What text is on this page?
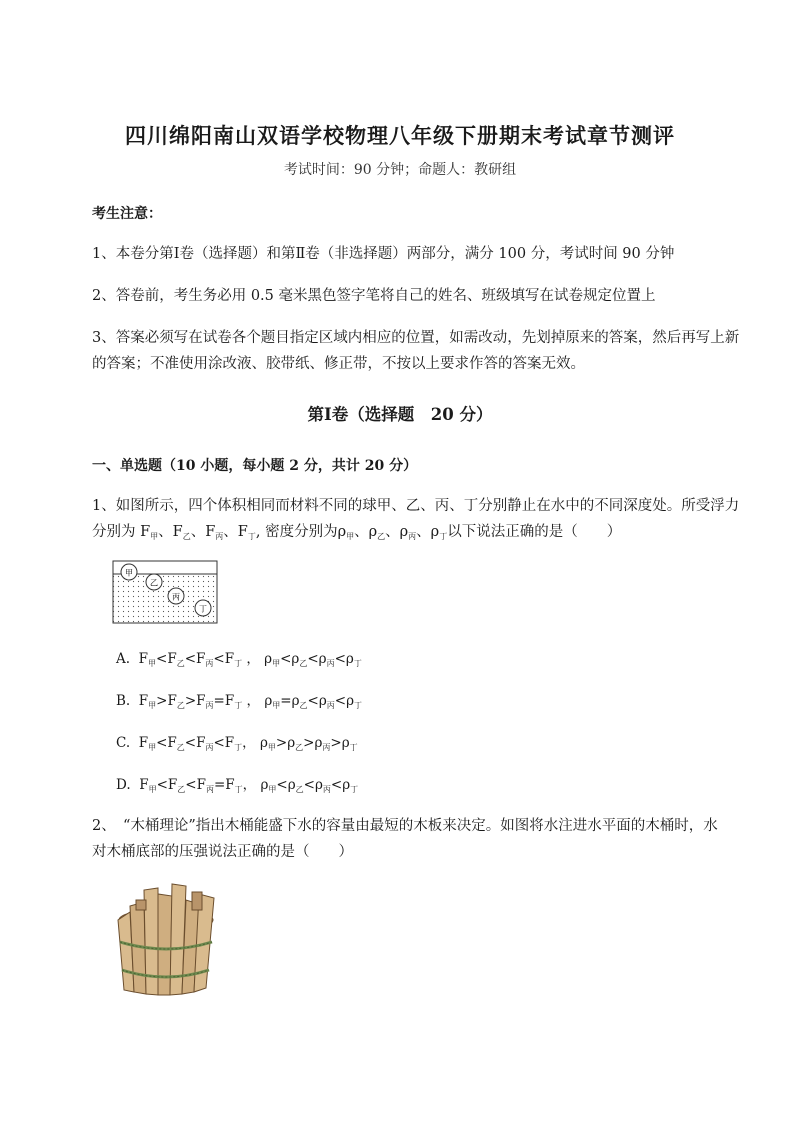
四川绵阳南山双语学校物理八年级下册期末考试章节测评
考试时间：90 分钟；命题人：教研组
考生注意：
1、本卷分第Ⅰ卷（选择题）和第Ⅱ卷（非选择题）两部分，满分 100 分，考试时间 90 分钟
2、答卷前，考生务必用 0.5 毫米黑色签字笔将自己的姓名、班级填写在试卷规定位置上
3、答案必须写在试卷各个题目指定区域内相应的位置，如需改动，先划掉原来的答案，然后再写上新的答案；不准使用涂改液、胶带纸、修正带，不按以上要求作答的答案无效。
第Ⅰ卷（选择题　20 分）
一、单选题（10 小题，每小题 2 分，共计 20 分）
1、如图所示，四个体积相同而材料不同的球甲、乙、丙、丁分别静止在水中的不同深度处。所受浮力
分别为 $F_甲$、$F_乙$、$F_丙$、$F_丁$, 密度分别为$\rho_甲$、$\rho_乙$、$\rho_丙$、$\rho_丁$以下说法正确的是（　　）
甲
乙
丙
丁
A.  $F_甲<F_乙<F_丙<F_丁$ ， $\rho_甲<\rho_乙<\rho_丙<\rho_丁$
B.  $F_甲>F_乙>F_丙=F_丁$ ， $\rho_甲=\rho_乙<\rho_丙<\rho_丁$
C.  $F_甲<F_乙<F_丙<F_丁$， $\rho_甲>\rho_乙>\rho_丙>\rho_丁$
D.  $F_甲<F_乙<F_丙=F_丁$， $\rho_甲<\rho_乙<\rho_丙<\rho_丁$
2、　“木桶理论”指出木桶能盛下水的容量由最短的木板来决定。如图将水注进水平面的木桶时，水
对木桶底部的压强说法正确的是（　　）
